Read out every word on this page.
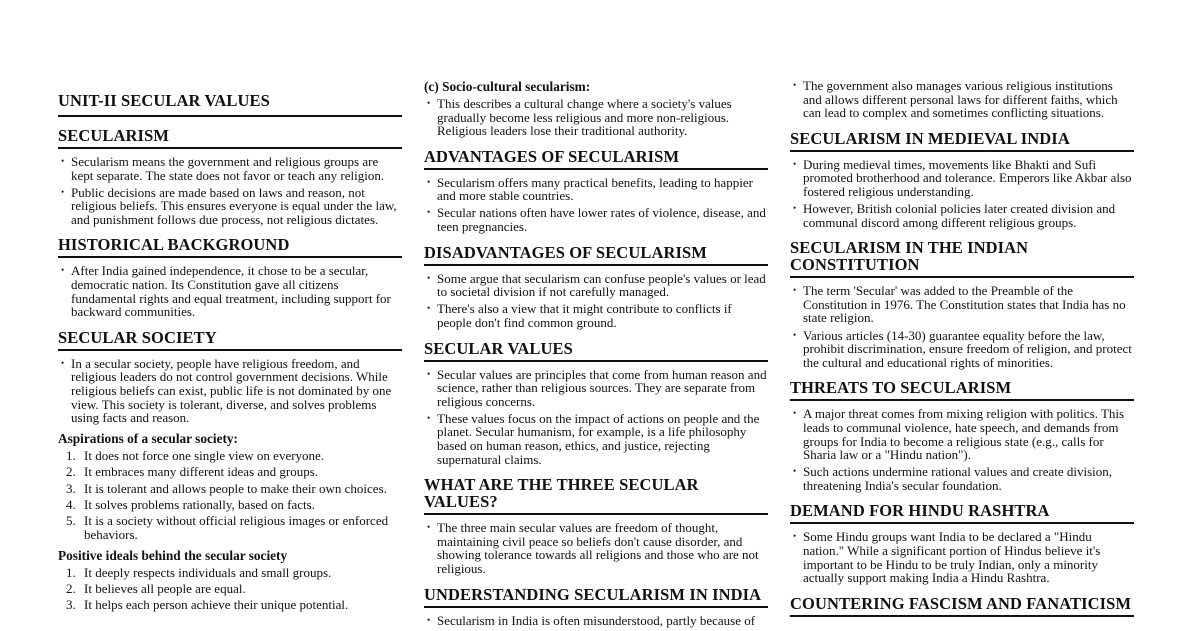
UNIT-II SECULAR VALUES
SECULARISM
• Secularism means the government and religious groups are kept separate. The state does not favor or teach any religion.
• Public decisions are made based on laws and reason, not religious beliefs. This ensures everyone is equal under the law, and punishment follows due process, not religious dictates.
HISTORICAL BACKGROUND
• After India gained independence, it chose to be a secular, democratic nation. Its Constitution gave all citizens fundamental rights and equal treatment, including support for backward communities.
SECULAR SOCIETY
• In a secular society, people have religious freedom, and religious leaders do not control government decisions. While religious beliefs can exist, public life is not dominated by one view. This society is tolerant, diverse, and solves problems using facts and reason.
Aspirations of a secular society:
1. It does not force one single view on everyone.
2. It embraces many different ideas and groups.
3. It is tolerant and allows people to make their own choices.
4. It solves problems rationally, based on facts.
5. It is a society without official religious images or enforced behaviors.
Positive ideals behind the secular society
1. It deeply respects individuals and small groups.
2. It believes all people are equal.
3. It helps each person achieve their unique potential.
(c) Socio-cultural secularism:
• This describes a cultural change where a society's values gradually become less religious and more non-religious. Religious leaders lose their traditional authority.
ADVANTAGES OF SECULARISM
• Secularism offers many practical benefits, leading to happier and more stable countries.
• Secular nations often have lower rates of violence, disease, and teen pregnancies.
DISADVANTAGES OF SECULARISM
• Some argue that secularism can confuse people's values or lead to societal division if not carefully managed.
• There's also a view that it might contribute to conflicts if people don't find common ground.
SECULAR VALUES
• Secular values are principles that come from human reason and science, rather than religious sources. They are separate from religious concerns.
• These values focus on the impact of actions on people and the planet. Secular humanism, for example, is a life philosophy based on human reason, ethics, and justice, rejecting supernatural claims.
WHAT ARE THE THREE SECULAR VALUES?
• The three main secular values are freedom of thought, maintaining civil peace so beliefs don't cause disorder, and showing tolerance towards all religions and those who are not religious.
UNDERSTANDING SECULARISM IN INDIA
• Secularism in India is often misunderstood, partly because of
• The government also manages various religious institutions and allows different personal laws for different faiths, which can lead to complex and sometimes conflicting situations.
SECULARISM IN MEDIEVAL INDIA
• During medieval times, movements like Bhakti and Sufi promoted brotherhood and tolerance. Emperors like Akbar also fostered religious understanding.
• However, British colonial policies later created division and communal discord among different religious groups.
SECULARISM IN THE INDIAN CONSTITUTION
• The term 'Secular' was added to the Preamble of the Constitution in 1976. The Constitution states that India has no state religion.
• Various articles (14-30) guarantee equality before the law, prohibit discrimination, ensure freedom of religion, and protect the cultural and educational rights of minorities.
THREATS TO SECULARISM
• A major threat comes from mixing religion with politics. This leads to communal violence, hate speech, and demands from groups for India to become a religious state (e.g., calls for Sharia law or a "Hindu nation").
• Such actions undermine rational values and create division, threatening India's secular foundation.
DEMAND FOR HINDU RASHTRA
• Some Hindu groups want India to be declared a "Hindu nation." While a significant portion of Hindus believe it's important to be Hindu to be truly Indian, only a minority actually support making India a Hindu Rashtra.
COUNTERING FASCISM AND FANATICISM
